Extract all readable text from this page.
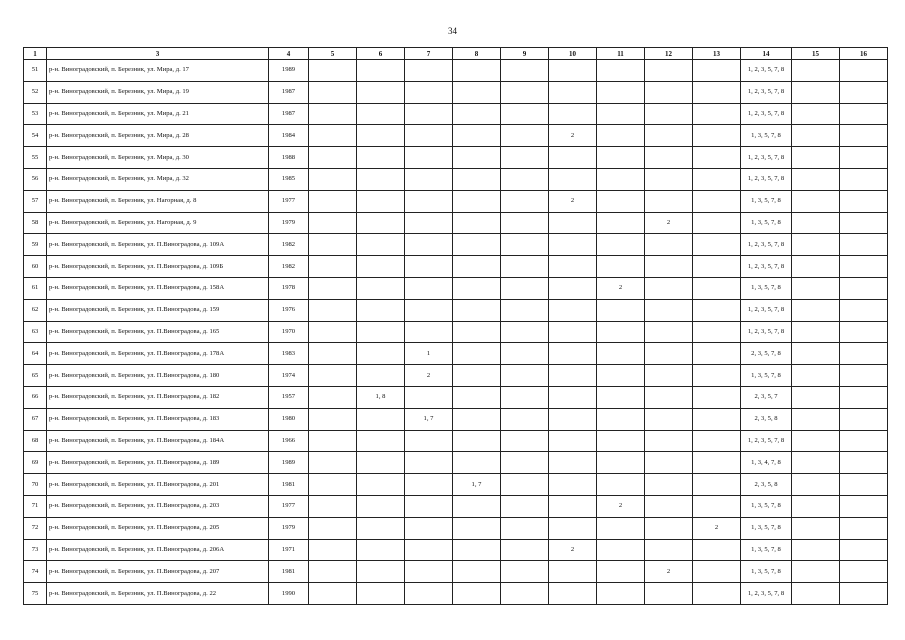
34
1	3	4	5	6	7	8	9	10	11	12	13	14	15	16
51	р-н. Виноградовский, п. Березник, ул. Мира, д. 17	1989										1, 2, 3, 5, 7, 8		
52	р-н. Виноградовский, п. Березник, ул. Мира, д. 19	1987										1, 2, 3, 5, 7, 8		
53	р-н. Виноградовский, п. Березник, ул. Мира, д. 21	1987										1, 2, 3, 5, 7, 8		
54	р-н. Виноградовский, п. Березник, ул. Мира, д. 28	1984						2				1, 3, 5, 7, 8		
55	р-н. Виноградовский, п. Березник, ул. Мира, д. 30	1988										1, 2, 3, 5, 7, 8		
56	р-н. Виноградовский, п. Березник, ул. Мира, д. 32	1985										1, 2, 3, 5, 7, 8		
57	р-н. Виноградовский, п. Березник, ул. Нагорная, д. 8	1977						2				1, 3, 5, 7, 8		
58	р-н. Виноградовский, п. Березник, ул. Нагорная, д. 9	1979								2		1, 3, 5, 7, 8		
59	р-н. Виноградовский, п. Березник, ул. П.Виноградова, д. 109А	1982										1, 2, 3, 5, 7, 8		
60	р-н. Виноградовский, п. Березник, ул. П.Виноградова, д. 109Б	1982										1, 2, 3, 5, 7, 8		
61	р-н. Виноградовский, п. Березник, ул. П.Виноградова, д. 158А	1978							2			1, 3, 5, 7, 8		
62	р-н. Виноградовский, п. Березник, ул. П.Виноградова, д. 159	1976										1, 2, 3, 5, 7, 8		
63	р-н. Виноградовский, п. Березник, ул. П.Виноградова, д. 165	1970										1, 2, 3, 5, 7, 8		
64	р-н. Виноградовский, п. Березник, ул. П.Виноградова, д. 178А	1983			1							2, 3, 5, 7, 8		
65	р-н. Виноградовский, п. Березник, ул. П.Виноградова, д. 180	1974			2							1, 3, 5, 7, 8		
66	р-н. Виноградовский, п. Березник, ул. П.Виноградова, д. 182	1957		1, 8								2, 3, 5, 7		
67	р-н. Виноградовский, п. Березник, ул. П.Виноградова, д. 183	1980			1, 7							2, 3, 5, 8		
68	р-н. Виноградовский, п. Березник, ул. П.Виноградова, д. 184А	1966										1, 2, 3, 5, 7, 8		
69	р-н. Виноградовский, п. Березник, ул. П.Виноградова, д. 189	1989										1, 3, 4, 7, 8		
70	р-н. Виноградовский, п. Березник, ул. П.Виноградова, д. 201	1981				1, 7						2, 3, 5, 8		
71	р-н. Виноградовский, п. Березник, ул. П.Виноградова, д. 203	1977							2			1, 3, 5, 7, 8		
72	р-н. Виноградовский, п. Березник, ул. П.Виноградова, д. 205	1979									2	1, 3, 5, 7, 8		
73	р-н. Виноградовский, п. Березник, ул. П.Виноградова, д. 206А	1971						2				1, 3, 5, 7, 8		
74	р-н. Виноградовский, п. Березник, ул. П.Виноградова, д. 207	1981								2		1, 3, 5, 7, 8		
75	р-н. Виноградовский, п. Березник, ул. П.Виноградова, д. 22	1990										1, 2, 3, 5, 7, 8		
